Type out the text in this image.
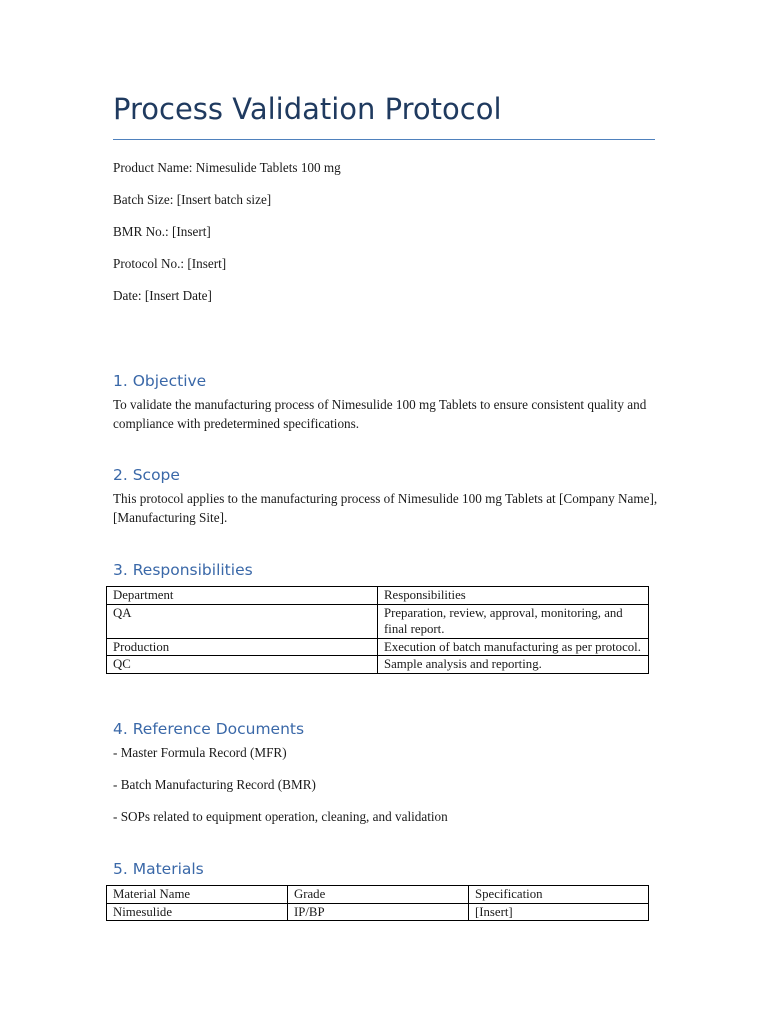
Process Validation Protocol
Product Name: Nimesulide Tablets 100 mg
Batch Size: [Insert batch size]
BMR No.: [Insert]
Protocol No.: [Insert]
Date: [Insert Date]
1. Objective
To validate the manufacturing process of Nimesulide 100 mg Tablets to ensure consistent quality and compliance with predetermined specifications.
2. Scope
This protocol applies to the manufacturing process of Nimesulide 100 mg Tablets at [Company Name], [Manufacturing Site].
3. Responsibilities
Department	Responsibilities
QA	Preparation, review, approval, monitoring, and final report.
Production	Execution of batch manufacturing as per protocol.
QC	Sample analysis and reporting.
4. Reference Documents
- Master Formula Record (MFR)
- Batch Manufacturing Record (BMR)
- SOPs related to equipment operation, cleaning, and validation
5. Materials
Material Name	Grade	Specification
Nimesulide	IP/BP	[Insert]
